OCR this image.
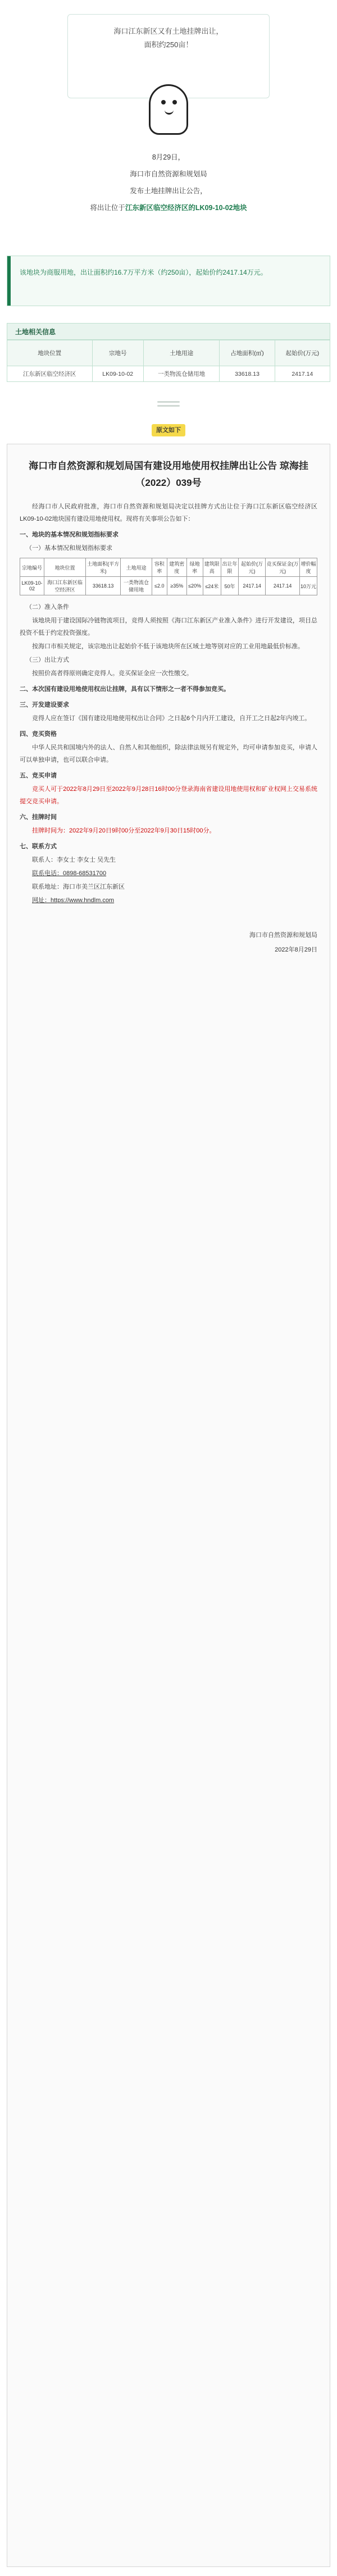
海口江东新区又有土地挂牌出让，

面积约250亩！

8月29日，

海口市自然资源和规划局

发布土地挂牌出让公告，

将出让位于江东新区临空经济区的LK09-10-02地块

该地块为商服用地，出让面积约16.7万平方米（约250亩），起始价约2417.14万元。

土地相关信息
地块位置	宗地号	土地用途	占地面积(㎡)	起始价(万元)
江东新区临空经济区	LK09-10-02	一类物流仓储用地	33618.13	2417.14
原文如下
海口市自然资源和规划局国有建设用地使用权挂牌出让公告 琼海挂（2022）039号

经海口市人民政府批准，海口市自然资源和规划局决定以挂牌方式出让位于海口江东新区临空经济区LK09-10-02地块国有建设用地使用权。现将有关事项公告如下：

一、地块的基本情况和规划指标要求

（一）基本情况和规划指标要求

宗地编号	地块位置	土地面积(平方米)	土地用途	容积率	建筑密度	绿地率	建筑限高	出让年限	起始价(万元)	竞买保证金(万元)	增价幅度
LK09-10-02	海口江东新区临空经济区	33618.13	一类物流仓储用地	≤2.0	≥35%	≤20%	≤24米	50年	2417.14	2417.14	10万元

（二）准入条件

该地块用于建设国际冷链物流项目，竞得人须按照《海口江东新区产业准入条件》进行开发建设，项目总投资不低于约定投资强度。

按海口市相关规定，该宗地出让起始价不低于该地块所在区域土地等别对应的工业用地最低价标准。

（三）出让方式

按照价高者得原则确定竞得人。竞买保证金应一次性缴交。

二、本次国有建设用地使用权出让挂牌，具有以下情形之一者不得参加竞买。

三、开发建设要求

竞得人应在签订《国有建设用地使用权出让合同》之日起6个月内开工建设，自开工之日起2年内竣工。

四、竞买资格

中华人民共和国境内外的法人、自然人和其他组织，除法律法规另有规定外，均可申请参加竞买，申请人可以单独申请，也可以联合申请。

五、竞买申请

竞买人可于2022年8月29日至2022年9月28日16时00分登录海南省建设用地使用权和矿业权网上交易系统提交竞买申请。

六、挂牌时间

挂牌时间为：2022年9月20日9时00分至2022年9月30日15时00分。

七、联系方式

联系人：李女士 李女士 吴先生

联系电话：0898-68531700

联系地址：海口市美兰区江东新区

网址：https://www.hndlm.com

海口市自然资源和规划局

2022年8月29日
